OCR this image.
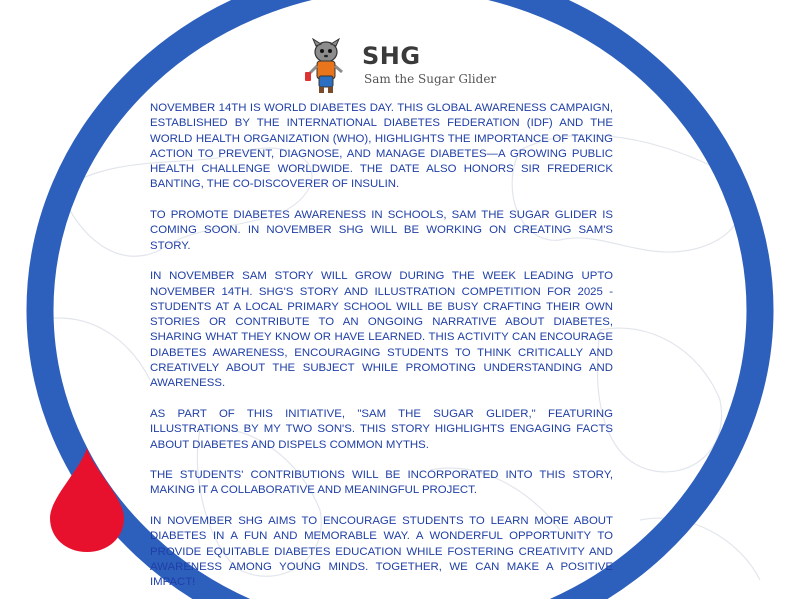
SHG
Sam the Sugar Glider

NOVEMBER 14TH IS WORLD DIABETES DAY. THIS GLOBAL AWARENESS CAMPAIGN, ESTABLISHED BY THE INTERNATIONAL DIABETES FEDERATION (IDF) AND THE WORLD HEALTH ORGANIZATION (WHO), HIGHLIGHTS THE IMPORTANCE OF TAKING ACTION TO PREVENT, DIAGNOSE, AND MANAGE DIABETES—A GROWING PUBLIC HEALTH CHALLENGE WORLDWIDE. THE DATE ALSO HONORS SIR FREDERICK BANTING, THE CO-DISCOVERER OF INSULIN.

TO PROMOTE DIABETES AWARENESS IN SCHOOLS, SAM THE SUGAR GLIDER IS COMING SOON. IN NOVEMBER SHG WILL BE WORKING ON CREATING SAM'S STORY.

IN NOVEMBER SAM STORY WILL GROW DURING THE WEEK LEADING UPTO NOVEMBER 14TH. SHG'S STORY AND ILLUSTRATION COMPETITION FOR 2025 - STUDENTS AT A LOCAL PRIMARY SCHOOL WILL BE BUSY CRAFTING THEIR OWN STORIES OR CONTRIBUTE TO AN ONGOING NARRATIVE ABOUT DIABETES, SHARING WHAT THEY KNOW OR HAVE LEARNED. THIS ACTIVITY CAN ENCOURAGE DIABETES AWARENESS, ENCOURAGING STUDENTS TO THINK CRITICALLY AND CREATIVELY ABOUT THE SUBJECT WHILE PROMOTING UNDERSTANDING AND AWARENESS.

AS PART OF THIS INITIATIVE, "SAM THE SUGAR GLIDER," FEATURING ILLUSTRATIONS BY MY TWO SON'S. THIS STORY HIGHLIGHTS ENGAGING FACTS ABOUT DIABETES AND DISPELS COMMON MYTHS.

THE STUDENTS' CONTRIBUTIONS WILL BE INCORPORATED INTO THIS STORY, MAKING IT A COLLABORATIVE AND MEANINGFUL PROJECT.

IN NOVEMBER SHG AIMS TO ENCOURAGE STUDENTS TO LEARN MORE ABOUT DIABETES IN A FUN AND MEMORABLE WAY. A WONDERFUL OPPORTUNITY TO PROVIDE EQUITABLE DIABETES EDUCATION WHILE FOSTERING CREATIVITY AND AWARENESS AMONG YOUNG MINDS. TOGETHER, WE CAN MAKE A POSITIVE IMPACT!
